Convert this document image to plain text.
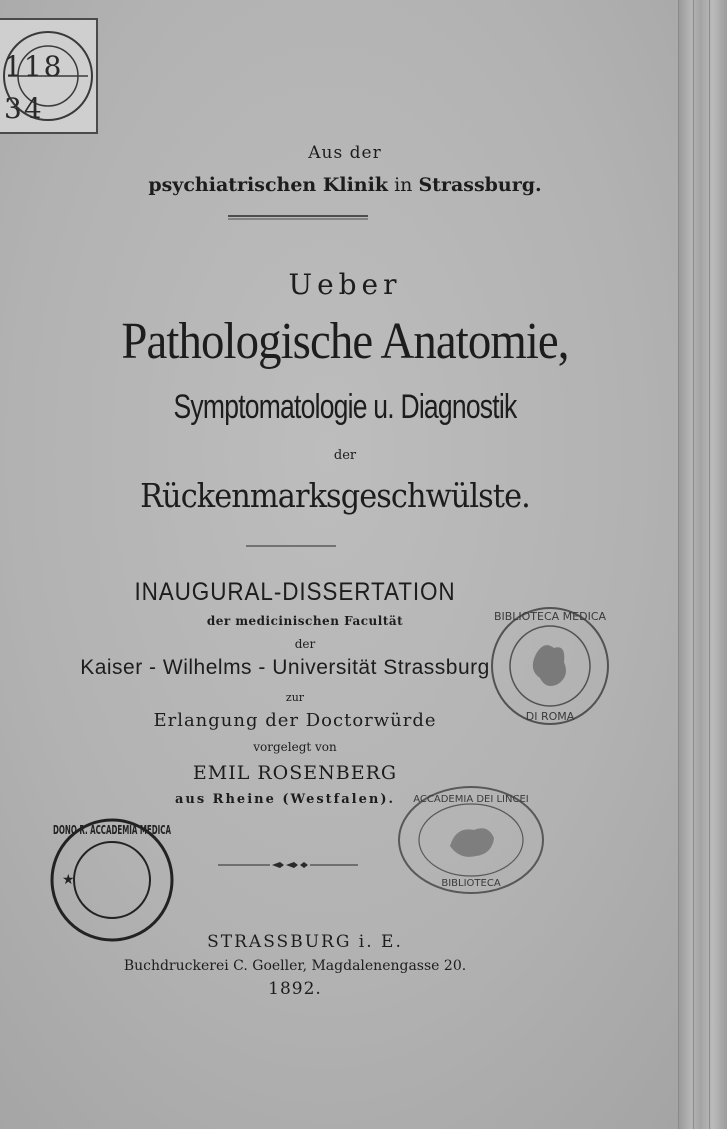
118
34
Aus der
psychiatrischen Klinik in Strassburg.
Ueber
Pathologische Anatomie,
Symptomatologie u. Diagnostik
der
Rückenmarksgeschwülste.
INAUGURAL-DISSERTATION
der medicinischen Facultät
der
Kaiser - Wilhelms - Universität Strassburg
zur
Erlangung der Doctorwürde
vorgelegt von
EMIL ROSENBERG
aus Rheine (Westfalen).
STRASSBURG i. E.
Buchdruckerei C. Goeller, Magdalenengasse 20.
1892.
BIBLIOTECA MEDICA
DI ROMA
ACCADEMIA DEI LINCEI
BIBLIOTECA
DONO R. ACCADEMIA MEDICA
★
